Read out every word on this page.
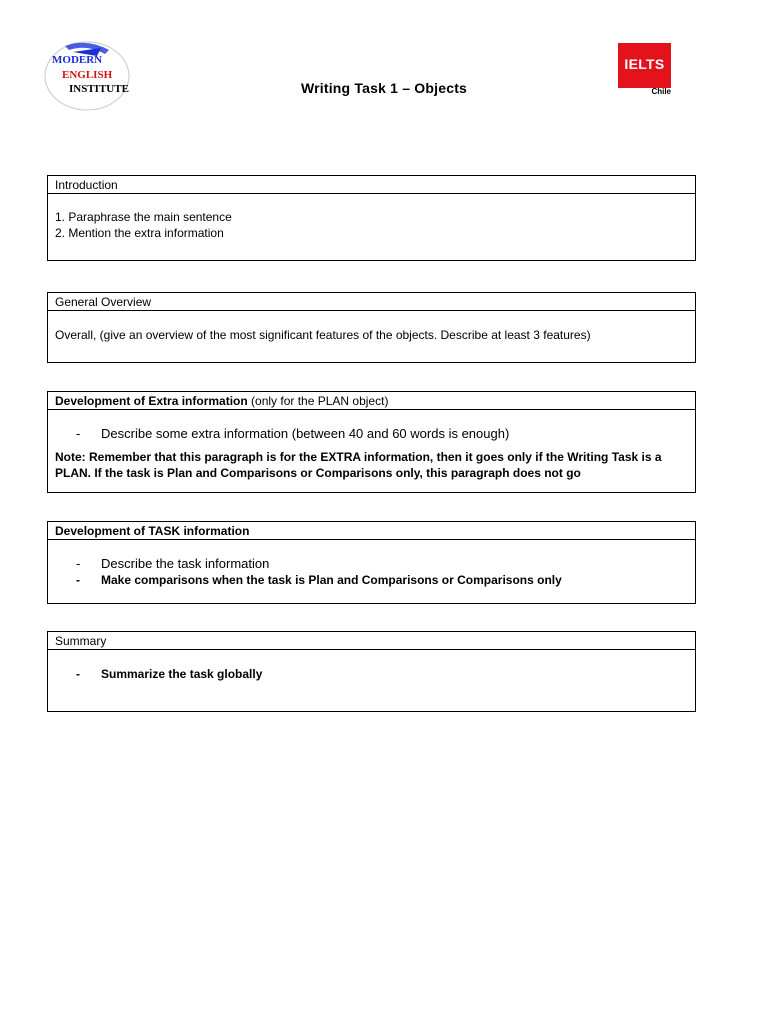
MODERN
ENGLISH
INSTITUTE	Writing Task 1 – Objects
IELTS
Chile
Introduction
1. Paraphrase the main sentence
2. Mention the extra information
General Overview
Overall, (give an overview of the most significant features of the objects. Describe at least 3 features)
Development of Extra information (only for the PLAN object)
- Describe some extra information (between 40 and 60 words is enough)
Note: Remember that this paragraph is for the EXTRA information, then it goes only if the Writing Task is a
PLAN. If the task is Plan and Comparisons or Comparisons only, this paragraph does not go
Development of TASK information
- Describe the task information
- Make comparisons when the task is Plan and Comparisons or Comparisons only
Summary
- Summarize the task globally
